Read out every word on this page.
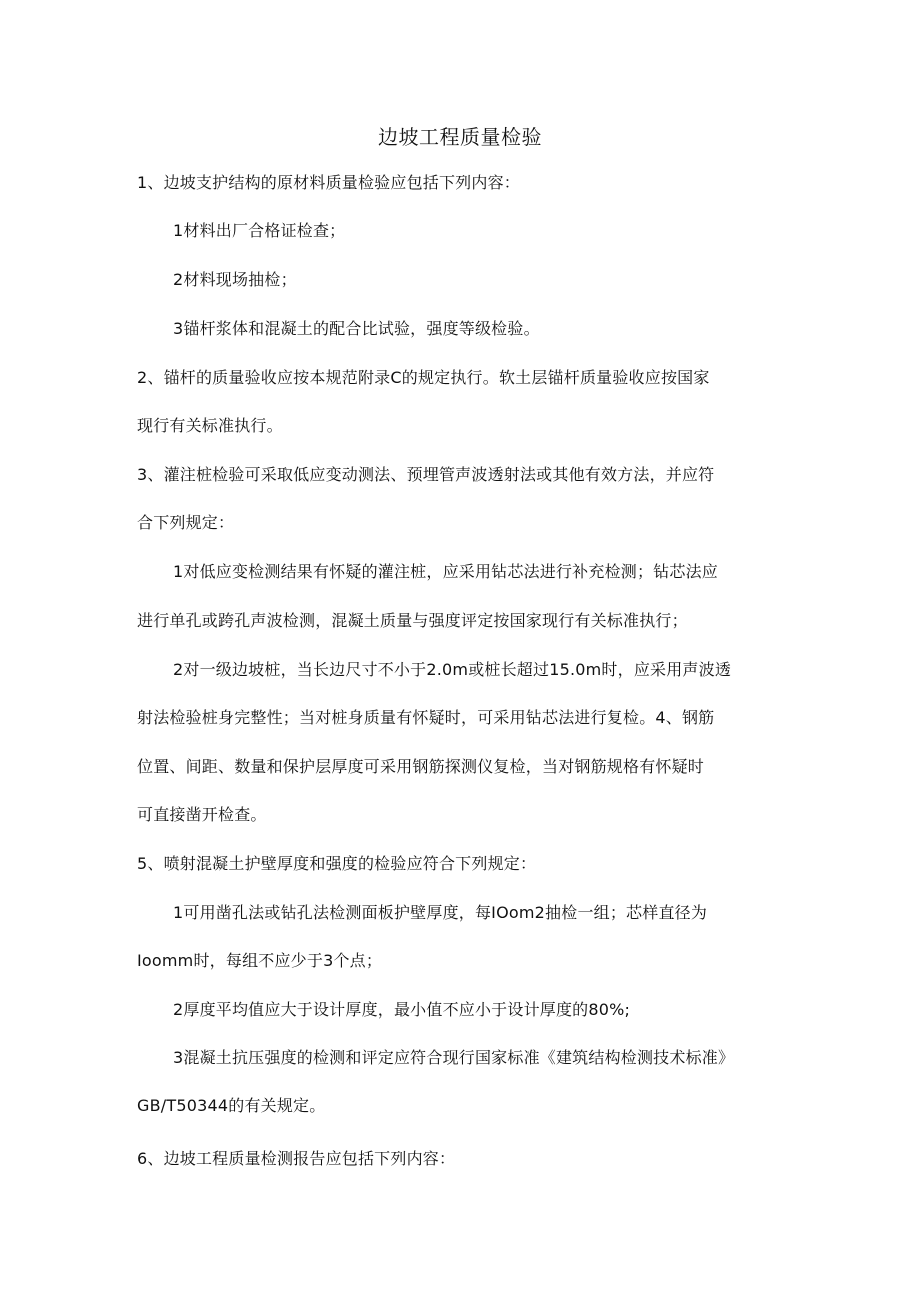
边坡工程质量检验
1、边坡支护结构的原材料质量检验应包括下列内容：
1材料出厂合格证检查；
2材料现场抽检；
3锚杆浆体和混凝土的配合比试验，强度等级检验。
2、锚杆的质量验收应按本规范附录C的规定执行。软土层锚杆质量验收应按国家
现行有关标准执行。
3、灌注桩检验可采取低应变动测法、预埋管声波透射法或其他有效方法，并应符
合下列规定：
1对低应变检测结果有怀疑的灌注桩，应采用钻芯法进行补充检测；钻芯法应
进行单孔或跨孔声波检测，混凝土质量与强度评定按国家现行有关标准执行；
2对一级边坡桩，当长边尺寸不小于2.0m或桩长超过15.0m时，应采用声波透
射法检验桩身完整性；当对桩身质量有怀疑时，可采用钻芯法进行复检。4、钢筋
位置、间距、数量和保护层厚度可采用钢筋探测仪复检，当对钢筋规格有怀疑时
可直接凿开检查。
5、喷射混凝土护壁厚度和强度的检验应符合下列规定：
1可用凿孔法或钻孔法检测面板护壁厚度，每IOom2抽检一组；芯样直径为
Ioomm时，每组不应少于3个点；
2厚度平均值应大于设计厚度，最小值不应小于设计厚度的80%;
3混凝土抗压强度的检测和评定应符合现行国家标准《建筑结构检测技术标准》
GB/T50344的有关规定。
6、边坡工程质量检测报告应包括下列内容：
